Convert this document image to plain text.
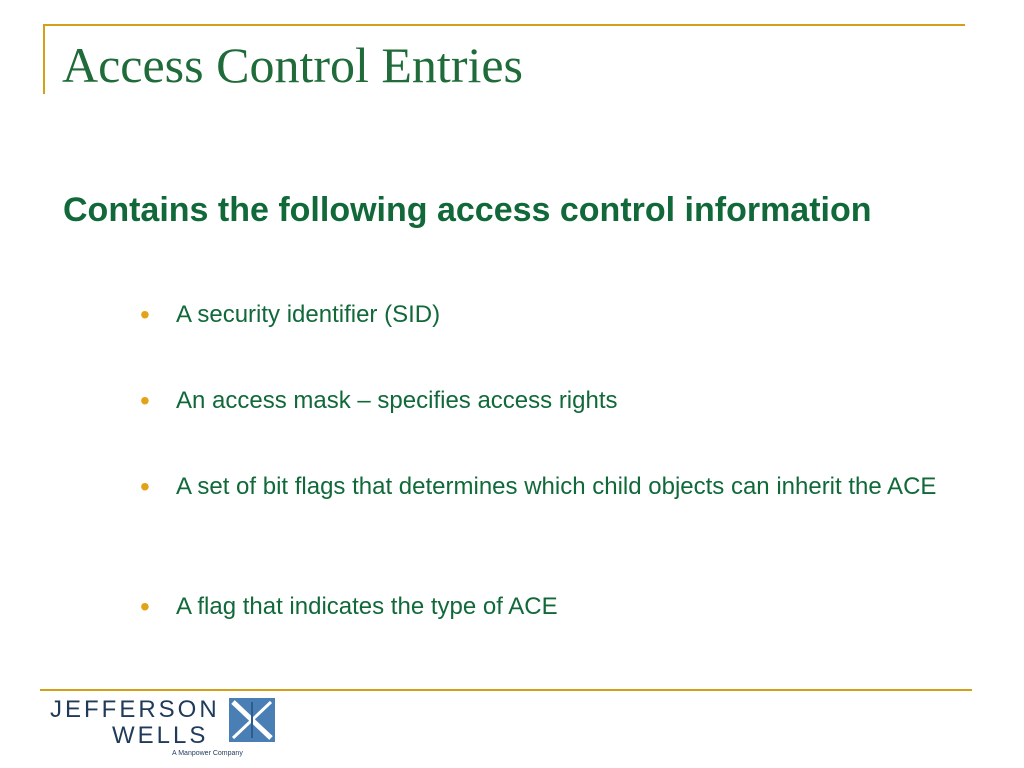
Access Control Entries
Contains the following access control information
•	A security identifier (SID)
•	An access mask – specifies access rights
•	A set of bit flags that determines which child objects can inherit the ACE
•	A flag that indicates the type of ACE
JEFFERSON
WELLS
A Manpower Company
